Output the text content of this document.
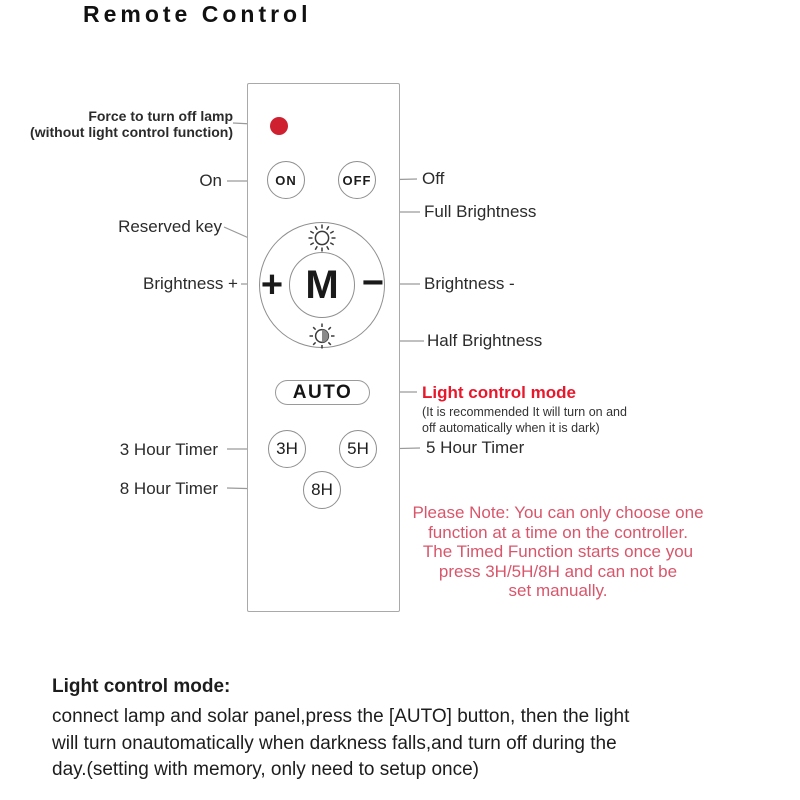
Remote Control
ON	OFF
M
+ −
AUTO
3H	5H
8H
Force to turn off lamp
(without light control function)
On
Reserved key
Brightness +
3 Hour Timer
8 Hour Timer
Off
Full Brightness
Brightness -
Half Brightness
Light control mode
(It is recommended It will turn on and
off automatically when it is dark)
5 Hour Timer
Please Note: You can only choose one
function at a time on the controller.
The Timed Function starts once you
press 3H/5H/8H and can not be
set manually.
Light control mode:
connect lamp and solar panel,press the [AUTO] button, then the light
will turn onautomatically when darkness falls,and turn off during the
day.(setting with memory, only need to setup once)
